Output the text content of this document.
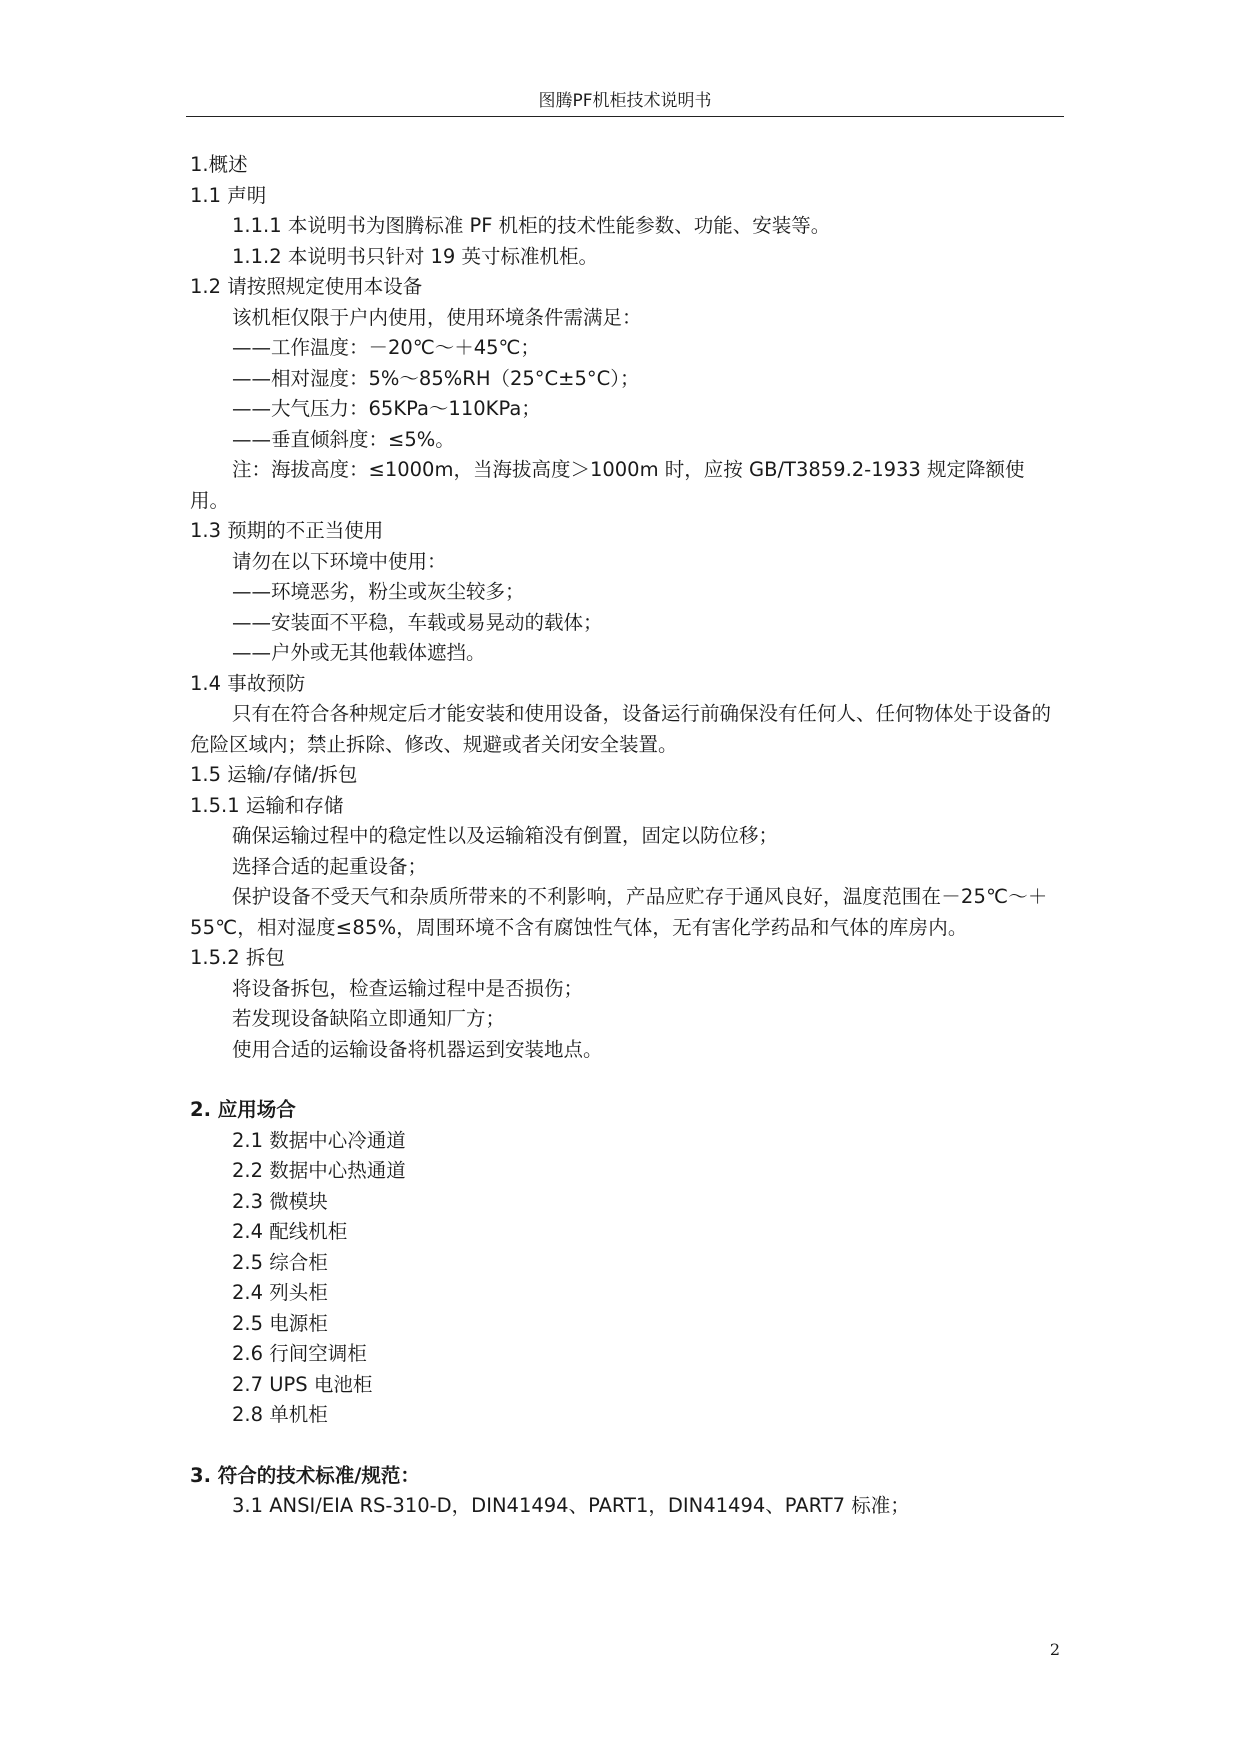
图腾PF机柜技术说明书

1.概述

1.1 声明

1.1.1 本说明书为图腾标准 PF 机柜的技术性能参数、功能、安装等。

1.1.2 本说明书只针对 19 英寸标准机柜。

1.2 请按照规定使用本设备

该机柜仅限于户内使用，使用环境条件需满足：

——工作温度：－20℃～＋45℃；

——相对湿度：5%～85%RH（25°C±5°C）；

——大气压力：65KPa～110KPa；

——垂直倾斜度：≤5%。

注：海拔高度：≤1000m，当海拔高度＞1000m 时，应按 GB/T3859.2-1933 规定降额使用。

1.3 预期的不正当使用

请勿在以下环境中使用：

——环境恶劣，粉尘或灰尘较多；

——安装面不平稳，车载或易晃动的载体；

——户外或无其他载体遮挡。

1.4 事故预防

只有在符合各种规定后才能安装和使用设备，设备运行前确保没有任何人、任何物体处于设备的危险区域内；禁止拆除、修改、规避或者关闭安全装置。

1.5 运输/存储/拆包

1.5.1 运输和存储

确保运输过程中的稳定性以及运输箱没有倒置，固定以防位移；

选择合适的起重设备；

保护设备不受天气和杂质所带来的不利影响，产品应贮存于通风良好，温度范围在－25℃～＋55℃，相对湿度≤85%，周围环境不含有腐蚀性气体，无有害化学药品和气体的库房内。

1.5.2 拆包

将设备拆包，检查运输过程中是否损伤；

若发现设备缺陷立即通知厂方；

使用合适的运输设备将机器运到安装地点。

2. 应用场合

2.1 数据中心冷通道

2.2 数据中心热通道

2.3 微模块

2.4 配线机柜

2.5 综合柜

2.4 列头柜

2.5 电源柜

2.6 行间空调柜

2.7 UPS 电池柜

2.8 单机柜

3. 符合的技术标准/规范：

3.1 ANSI/EIA RS-310-D，DIN41494、PART1，DIN41494、PART7 标准；

2
